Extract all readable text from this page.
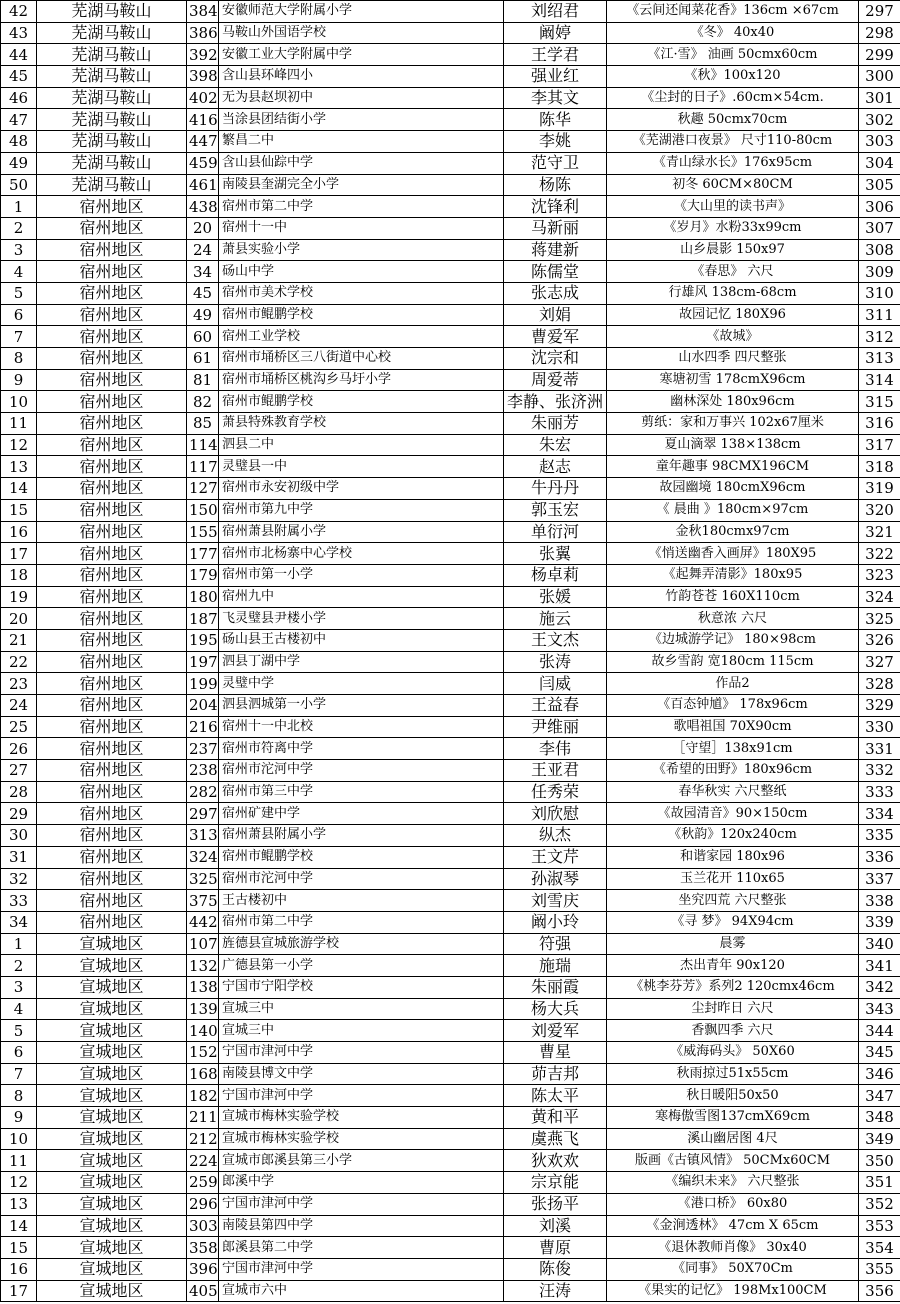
42	芜湖马鞍山	384	安徽师范大学附属小学	刘绍君	《云间还闻菜花香》136cm ×67cm	297
43	芜湖马鞍山	386	马鞍山外国语学校	阚婷	《冬》 40x40	298
44	芜湖马鞍山	392	安徽工业大学附属中学	王学君	《江·雪》 油画 50cmx60cm	299
45	芜湖马鞍山	398	含山县环峰四小	强业红	《秋》100x120	300
46	芜湖马鞍山	402	无为县赵坝初中	李其文	《尘封的日子》.60cm×54cm.	301
47	芜湖马鞍山	416	当涂县团结街小学	陈华	秋趣 50cmx70cm	302
48	芜湖马鞍山	447	繁昌二中	李姚	《芜湖港口夜景》 尺寸110-80cm	303
49	芜湖马鞍山	459	含山县仙踪中学	范守卫	《青山绿水长》176x95cm	304
50	芜湖马鞍山	461	南陵县奎湖完全小学	杨陈	初冬 60CM×80CM	305
1	宿州地区	438	宿州市第二中学	沈锋利	《大山里的读书声》	306
2	宿州地区	20	宿州十一中	马新丽	《岁月》水粉33x99cm	307
3	宿州地区	24	萧县实验小学	蒋建新	山乡晨影 150x97	308
4	宿州地区	34	砀山中学	陈儒堂	《春思》 六尺	309
5	宿州地区	45	宿州市美术学校	张志成	行雄风 138cm-68cm	310
6	宿州地区	49	宿州市鲲鹏学校	刘娟	故园记忆 180X96	311
7	宿州地区	60	宿州工业学校	曹爱军	《故城》	312
8	宿州地区	61	宿州市埇桥区三八街道中心校	沈宗和	山水四季 四尺整张	313
9	宿州地区	81	宿州市埇桥区桃沟乡马圩小学	周爱蒂	寒塘初雪 178cmX96cm	314
10	宿州地区	82	宿州市鲲鹏学校	李静、张济洲	幽林深处 180x96cm	315
11	宿州地区	85	萧县特殊教育学校	朱丽芳	剪纸：家和万事兴 102x67厘米	316
12	宿州地区	114	泗县二中	朱宏	夏山滴翠 138×138cm	317
13	宿州地区	117	灵璧县一中	赵志	童年趣事 98CMX196CM	318
14	宿州地区	127	宿州市永安初级中学	牛丹丹	故园幽境 180cmX96cm	319
15	宿州地区	150	宿州市第九中学	郭玉宏	《 晨曲 》180cm×97cm	320
16	宿州地区	155	宿州萧县附属小学	单衍河	金秋180cmx97cm	321
17	宿州地区	177	宿州市北杨寨中心学校	张翼	《悄送幽香入画屏》180X95	322
18	宿州地区	179	宿州市第一小学	杨卓莉	《起舞弄清影》180x95	323
19	宿州地区	180	宿州九中	张媛	竹韵苍苍 160X110cm	324
20	宿州地区	187	飞灵璧县尹楼小学	施云	秋意浓 六尺	325
21	宿州地区	195	砀山县王古楼初中	王文杰	《边城游学记》 180×98cm	326
22	宿州地区	197	泗县丁湖中学	张涛	故乡雪韵 宽180cm 115cm	327
23	宿州地区	199	灵璧中学	闫威	作品2	328
24	宿州地区	204	泗县泗城第一小学	王益春	《百态钟馗》 178x96cm	329
25	宿州地区	216	宿州十一中北校	尹维丽	歌唱祖国 70X90cm	330
26	宿州地区	237	宿州市符离中学	李伟	［守望］138x91cm	331
27	宿州地区	238	宿州市沱河中学	王亚君	《希望的田野》180x96cm	332
28	宿州地区	282	宿州市第三中学	任秀荣	春华秋实 六尺整纸	333
29	宿州地区	297	宿州矿建中学	刘欣慰	《故园清音》90×150cm	334
30	宿州地区	313	宿州萧县附属小学	纵杰	《秋韵》120x240cm	335
31	宿州地区	324	宿州市鲲鹏学校	王文芹	和谐家园 180x96	336
32	宿州地区	325	宿州市沱河中学	孙淑琴	玉兰花开 110x65	337
33	宿州地区	375	王古楼初中	刘雪庆	坐究四荒 六尺整张	338
34	宿州地区	442	宿州市第二中学	阚小玲	《寻 梦》 94X94cm	339
1	宣城地区	107	旌德县宣城旅游学校	符强	晨雾	340
2	宣城地区	132	广德县第一小学	施瑞	杰出青年 90x120	341
3	宣城地区	138	宁国市宁阳学校	朱丽霞	《桃李芬芳》系列2 120cmx46cm	342
4	宣城地区	139	宣城三中	杨大兵	尘封昨日 六尺	343
5	宣城地区	140	宣城三中	刘爱军	香飘四季 六尺	344
6	宣城地区	152	宁国市津河中学	曹星	《威海码头》 50X60	345
7	宣城地区	168	南陵县博文中学	茆吉邦	秋雨掠过51x55cm	346
8	宣城地区	182	宁国市津河中学	陈太平	秋日暖阳50x50	347
9	宣城地区	211	宣城市梅林实验学校	黄和平	寒梅傲雪图137cmX69cm	348
10	宣城地区	212	宣城市梅林实验学校	虞燕飞	溪山幽居图 4尺	349
11	宣城地区	224	宣城市郎溪县第三小学	狄欢欢	版画《古镇风情》 50CMx60CM	350
12	宣城地区	259	郎溪中学	宗京能	《编织未来》 六尺整张	351
13	宣城地区	296	宁国市津河中学	张扬平	《港口桥》 60x80	352
14	宣城地区	303	南陵县第四中学	刘溪	《金涧透林》 47cm X 65cm	353
15	宣城地区	358	郎溪县第二中学	曹原	《退休教师肖像》 30x40	354
16	宣城地区	396	宁国市津河中学	陈俊	《同事》 50X70Cm	355
17	宣城地区	405	宣城市六中	汪涛	《果实的记忆》 198Mx100CM	356
